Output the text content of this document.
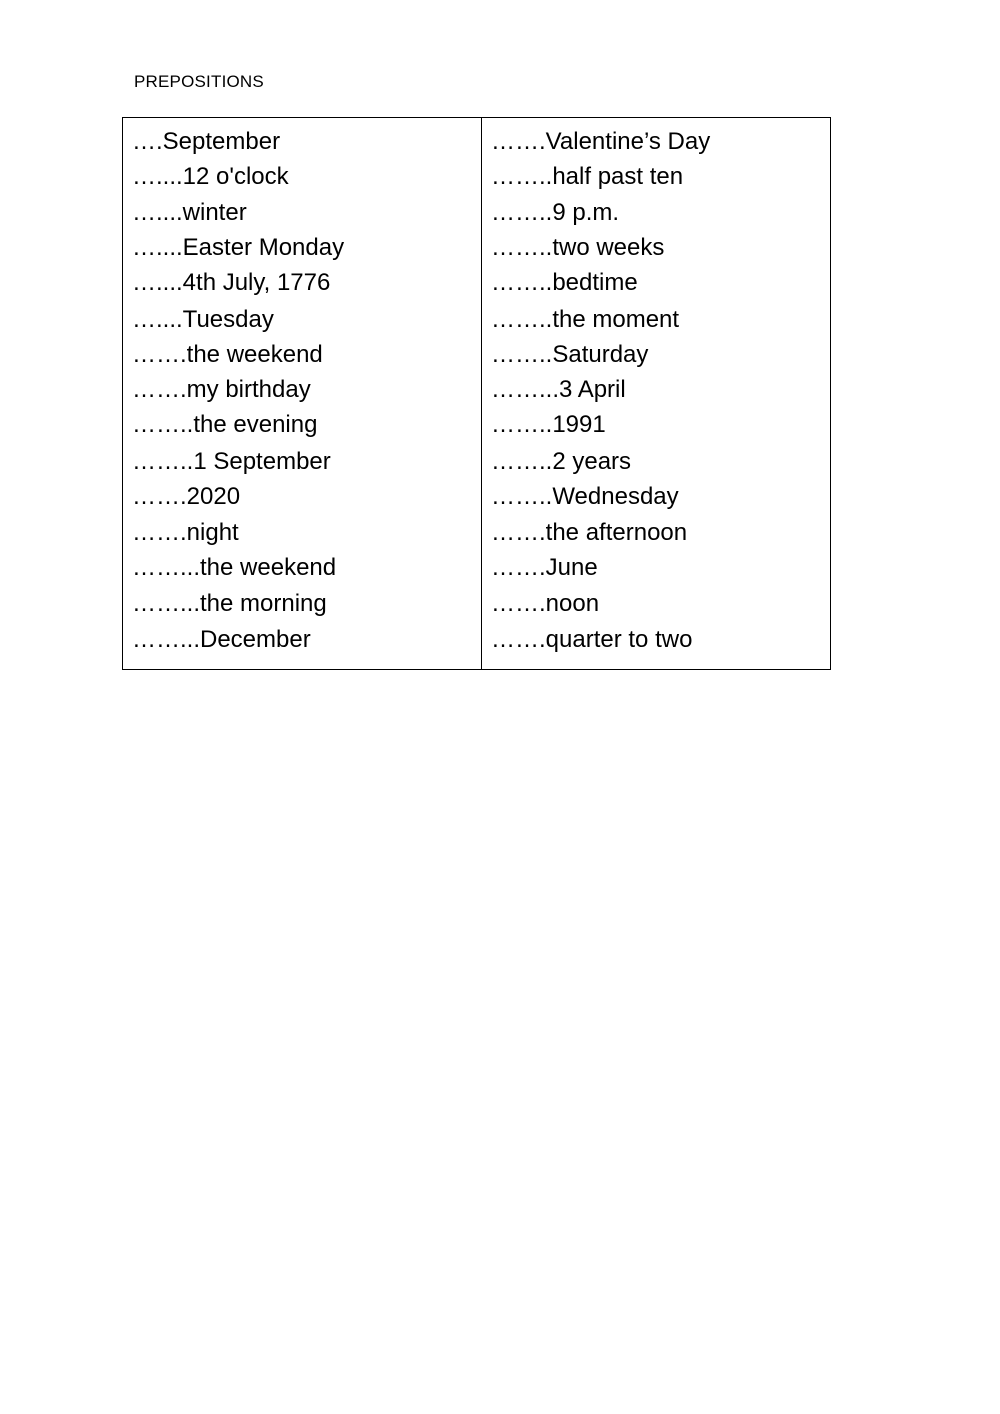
PREPOSITIONS
….September
…....12 o'clock
…....winter
…....Easter Monday
…....4th July, 1776
…....Tuesday
…….the weekend
…….my birthday
……..the evening
……..1 September
…….2020
…….night
……...the weekend
……...the morning
……...December
…….Valentine’s Day
……..half past ten
……..9 p.m.
……..two weeks
……..bedtime
……..the moment
……..Saturday
……...3 April
……..1991
……..2 years
……..Wednesday
…….the afternoon
…….June
…….noon
…….quarter to two
